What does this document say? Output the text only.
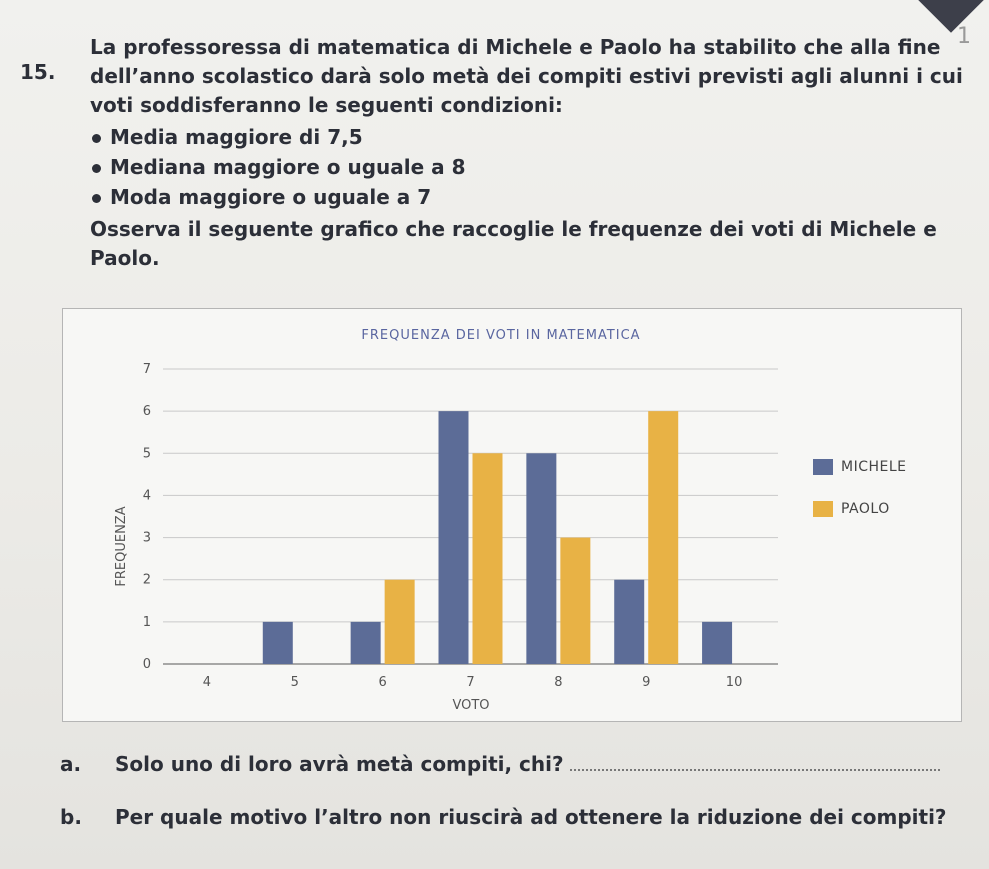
1
15.

La professoressa di matematica di Michele e Paolo ha stabilito che alla fine dell’anno scolastico darà solo metà dei compiti estivi previsti agli alunni i cui voti soddisferanno le seguenti condizioni:

Media maggiore di 7,5
Mediana maggiore o uguale a 8
Moda maggiore o uguale a 7

Osserva il seguente grafico che raccoglie le frequenze dei voti di Michele e Paolo.

FREQUENZA DEI VOTI IN MATEMATICA
0
1
2
3
4
5
6
7
FREQUENZA
VOTO
4	5	6	7	8	9	10
MICHELE
PAOLO
a. Solo uno di loro avrà metà compiti, chi?
b. Per quale motivo l’altro non riuscirà ad ottenere la riduzione dei compiti?
